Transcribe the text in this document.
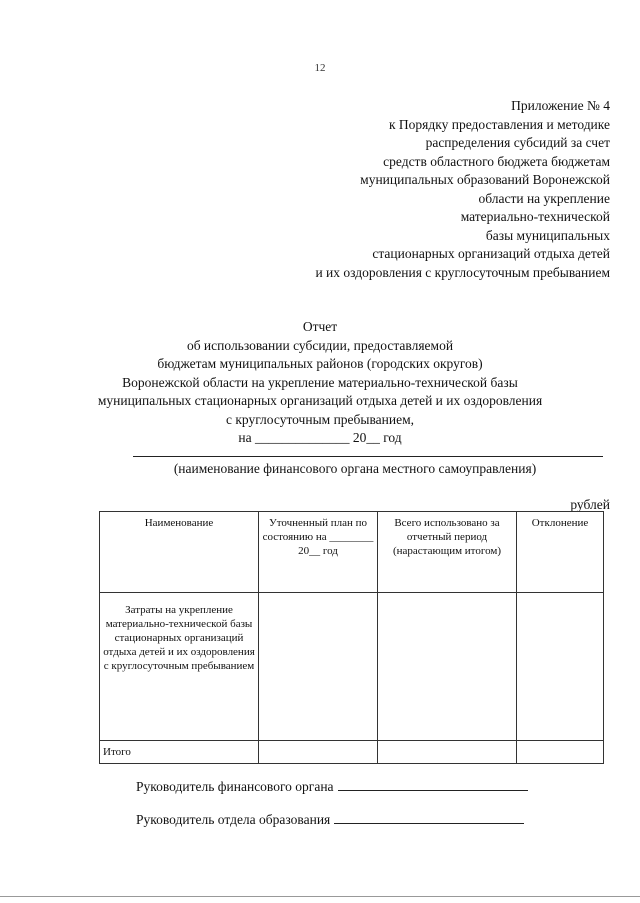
12
Приложение № 4
к Порядку предоставления и методике
распределения субсидий за счет
средств областного бюджета бюджетам
муниципальных образований Воронежской
области на укрепление
материально-технической
базы муниципальных
стационарных организаций отдыха детей
и их оздоровления с круглосуточным пребыванием
Отчет
об использовании субсидии, предоставляемой
бюджетам муниципальных районов (городских округов)
Воронежской области на укрепление материально-технической базы
муниципальных стационарных организаций отдыха детей и их оздоровления
с круглосуточным пребыванием,
на ______________ 20__ год
(наименование финансового органа местного самоуправления)
рублей
Наименование	Уточненный план по состоянию на ________ 20__ год	Всего использовано за отчетный период (нарастающим итогом)	Отклонение
Затраты на укрепление материально-технической базы стационарных организаций отдыха детей и их оздоровления с круглосуточным пребыванием			
Итого			
Руководитель финансового органа
Руководитель отдела образования
